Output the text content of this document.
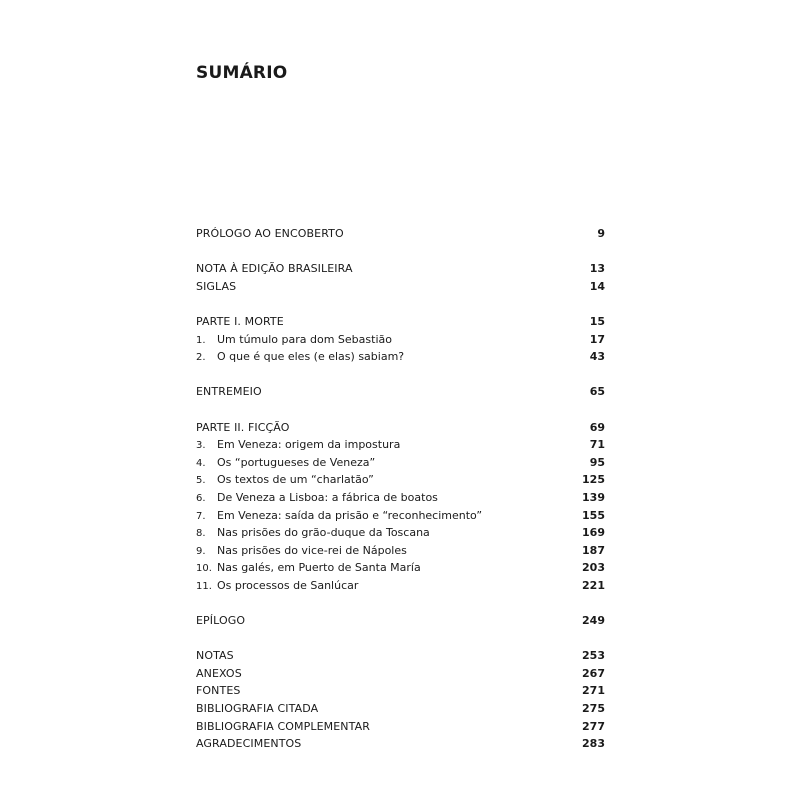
SUMÁRIO
PRÓLOGO AO ENCOBERTO	9
NOTA À EDIÇÃO BRASILEIRA	13
SIGLAS	14
PARTE I. MORTE	15
1.	Um túmulo para dom Sebastião	17
2.	O que é que eles (e elas) sabiam?	43
ENTREMEIO	65
PARTE II. FICÇÃO	69
3.	Em Veneza: origem da impostura	71
4.	Os “portugueses de Veneza”	95
5.	Os textos de um “charlatão”	125
6.	De Veneza a Lisboa: a fábrica de boatos	139
7.	Em Veneza: saída da prisão e “reconhecimento”	155
8.	Nas prisões do grão-duque da Toscana	169
9.	Nas prisões do vice-rei de Nápoles	187
10. Nas galés, em Puerto de Santa María	203
11. Os processos de Sanlúcar	221
EPÍLOGO	249
NOTAS	253
ANEXOS	267
FONTES	271
BIBLIOGRAFIA CITADA	275
BIBLIOGRAFIA COMPLEMENTAR	277
AGRADECIMENTOS	283
